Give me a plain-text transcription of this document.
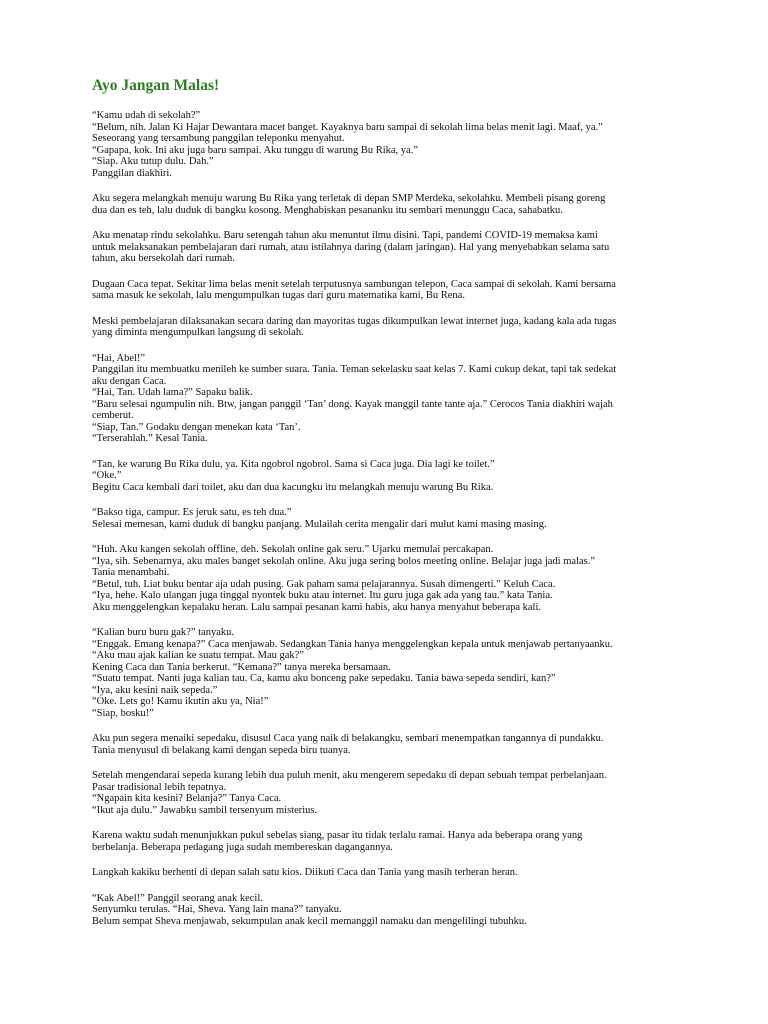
Ayo Jangan Malas!
“Kamu udah di sekolah?”
“Belum, nih. Jalan Ki Hajar Dewantara macet banget. Kayaknya baru sampai di sekolah lima belas menit lagi. Maaf, ya.”
Seseorang yang tersambung panggilan teleponku menyahut.
“Gapapa, kok. Ini aku juga baru sampai. Aku tunggu di warung Bu Rika, ya.”
“Siap. Aku tutup dulu. Dah.”
Panggilan diakhiri.
Aku segera melangkah menuju warung Bu Rika yang terletak di depan SMP Merdeka, sekolahku. Membeli pisang goreng
dua dan es teh, lalu duduk di bangku kosong. Menghabiskan pesananku itu sembari menunggu Caca, sahabatku.
Aku menatap rindu sekolahku. Baru setengah tahun aku menuntut ilmu disini. Tapi, pandemi COVID-19 memaksa kami
untuk melaksanakan pembelajaran dari rumah, atau istilahnya daring (dalam jaringan). Hal yang menyebabkan selama satu
tahun, aku bersekolah dari rumah.
Dugaan Caca tepat. Sekitar lima belas menit setelah terputusnya sambungan telepon, Caca sampai di sekolah. Kami bersama
sama masuk ke sekolah, lalu mengumpulkan tugas dari guru matematika kami, Bu Rena.
Meski pembelajaran dilaksanakan secara daring dan mayoritas tugas dikumpulkan lewat internet juga, kadang kala ada tugas
yang diminta mengumpulkan langsung di sekolah.
“Hai, Abel!”
Panggilan itu membuatku menileh ke sumber suara. Tania. Teman sekelasku saat kelas 7. Kami cukup dekat, tapi tak sedekat
aku dengan Caca.
“Hai, Tan. Udah lama?” Sapaku balik.
“Baru selesai ngumpulin nih. Btw, jangan panggil ‘Tan’ dong. Kayak manggil tante tante aja.” Cerocos Tania diakhiri wajah
cemberut.
“Siap, Tan.” Godaku dengan menekan kata ‘Tan’.
“Terserahlah.” Kesal Tania.
“Tan, ke warung Bu Rika dulu, ya. Kita ngobrol ngobrol. Sama si Caca juga. Dia lagi ke toilet.”
“Oke.”
Begitu Caca kembali dari toilet, aku dan dua kacungku itu melangkah menuju warung Bu Rika.
“Bakso tiga, campur. Es jeruk satu, es teh dua.”
Selesai memesan, kami duduk di bangku panjang. Mulailah cerita mengalir dari mulut kami masing masing.
“Huh. Aku kangen sekolah offline, deh. Sekolah online gak seru.” Ujarku memulai percakapan.
“Iya, sih. Sebenarnya, aku males banget sekolah online. Aku juga sering bolos meeting online. Belajar juga jadi malas.”
Tania menambahi.
“Betul, tuh. Liat buku bentar aja udah pusing. Gak paham sama pelajarannya. Susah dimengerti.” Keluh Caca.
“Iya, hehe. Kalo ulangan juga tinggal nyontek buku atau internet. Itu guru juga gak ada yang tau.” kata Tania.
Aku menggelengkan kepalaku heran. Lalu sampai pesanan kami habis, aku hanya menyahut beberapa kali.
“Kalian buru buru gak?” tanyaku.
“Enggak. Emang kenapa?” Caca menjawab. Sedangkan Tania hanya menggelengkan kepala untuk menjawab pertanyaanku.
“Aku mau ajak kalian ke suatu tempat. Mau gak?”
Kening Caca dan Tania berkerut. “Kemana?” tanya mereka bersamaan.
“Suatu tempat. Nanti juga kalian tau. Ca, kamu aku bonceng pake sepedaku. Tania bawa sepeda sendiri, kan?”
“Iya, aku kesini naik sepeda.”
“Oke. Lets go! Kamu ikutin aku ya, Nia!”
“Siap, bosku!”
Aku pun segera menaiki sepedaku, disusul Caca yang naik di belakangku, sembari menempatkan tangannya di pundakku.
Tania menyusul di belakang kami dengan sepeda biru tuanya.
Setelah mengendarai sepeda kurang lebih dua puluh menit, aku mengerem sepedaku di depan sebuah tempat perbelanjaan.
Pasar tradisional lebih tepatnya.
“Ngapain kita kesini? Belanja?” Tanya Caca.
“Ikut aja dulu.” Jawabku sambil tersenyum misterius.
Karena waktu sudah menunjukkan pukul sebelas siang, pasar itu tidak terlalu ramai. Hanya ada beberapa orang yang
berbelanja. Beberapa pedagang juga sudah membereskan dagangannya.
Langkah kakiku berhenti di depan salah satu kios. Diikuti Caca dan Tania yang masih terheran heran.
“Kak Abel!” Panggil seorang anak kecil.
Senyumku terulas. “Hai, Sheva. Yang lain mana?” tanyaku.
Belum sempat Sheva menjawab, sekumpulan anak kecil memanggil namaku dan mengelilingi tubuhku.
